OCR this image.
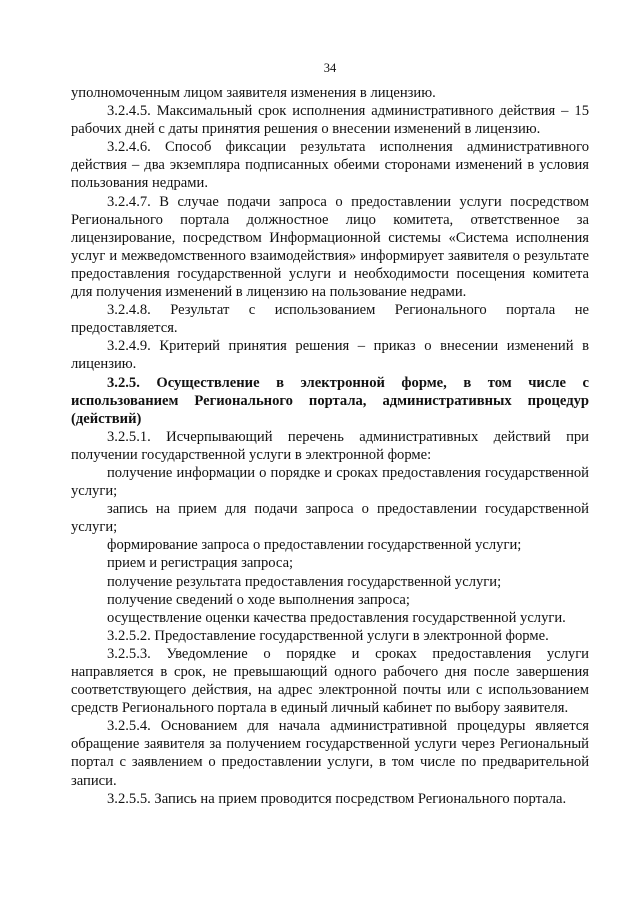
34

уполномоченным лицом заявителя изменения в лицензию.

3.2.4.5. Максимальный срок исполнения административного действия – 15 рабочих дней с даты принятия решения о внесении изменений в лицензию.

3.2.4.6. Способ фиксации результата исполнения административного действия – два экземпляра подписанных обеими сторонами изменений в условия пользования недрами.

3.2.4.7. В случае подачи запроса о предоставлении услуги посредством Регионального портала должностное лицо комитета, ответственное за лицензирование, посредством Информационной системы «Система исполнения услуг и межведомственного взаимодействия» информирует заявителя о результате предоставления государственной услуги и необходимости посещения комитета для получения изменений в лицензию на пользование недрами.

3.2.4.8. Результат с использованием Регионального портала не предоставляется.

3.2.4.9. Критерий принятия решения – приказ о внесении изменений в лицензию.

3.2.5. Осуществление в электронной форме, в том числе с использованием Регионального портала, административных процедур (действий)

3.2.5.1. Исчерпывающий перечень административных действий при получении государственной услуги в электронной форме:

получение информации о порядке и сроках предоставления государственной услуги;

запись на прием для подачи запроса о предоставлении государственной услуги;

формирование запроса о предоставлении государственной услуги;

прием и регистрация запроса;

получение результата предоставления государственной услуги;

получение сведений о ходе выполнения запроса;

осуществление оценки качества предоставления государственной услуги.

3.2.5.2. Предоставление государственной услуги в электронной форме.

3.2.5.3. Уведомление о порядке и сроках предоставления услуги направляется в срок, не превышающий одного рабочего дня после завершения соответствующего действия, на адрес электронной почты или с использованием средств Регионального портала в единый личный кабинет по выбору заявителя.

3.2.5.4. Основанием для начала административной процедуры является обращение заявителя за получением государственной услуги через Региональный портал с заявлением о предоставлении услуги, в том числе по предварительной записи.

3.2.5.5. Запись на прием проводится посредством Регионального портала.
